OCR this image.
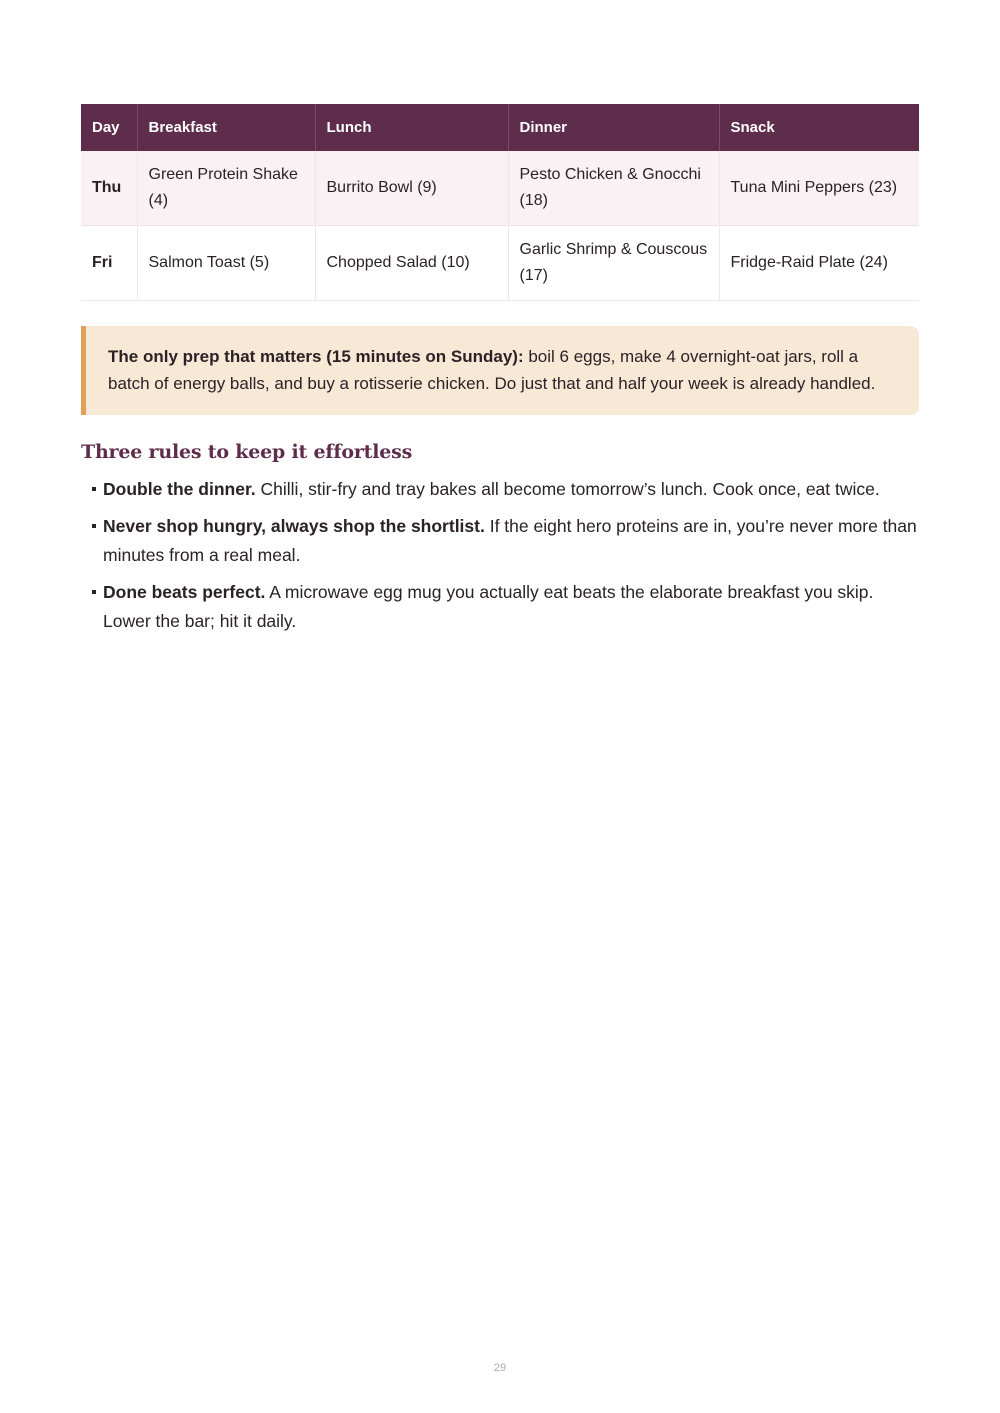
Day	Breakfast	Lunch	Dinner	Snack
Thu	Green Protein Shake (4)	Burrito Bowl (9)	Pesto Chicken & Gnocchi (18)	Tuna Mini Peppers (23)
Fri	Salmon Toast (5)	Chopped Salad (10)	Garlic Shrimp & Couscous (17)	Fridge-Raid Plate (24)
The only prep that matters (15 minutes on Sunday): boil 6 eggs, make 4 overnight-oat jars, roll a batch of energy balls, and buy a rotisserie chicken. Do just that and half your week is already handled.
Three rules to keep it effortless
Double the dinner. Chilli, stir-fry and tray bakes all become tomorrow’s lunch. Cook once, eat twice.
Never shop hungry, always shop the shortlist. If the eight hero proteins are in, you’re never more than minutes from a real meal.
Done beats perfect. A microwave egg mug you actually eat beats the elaborate breakfast you skip. Lower the bar; hit it daily.
29
